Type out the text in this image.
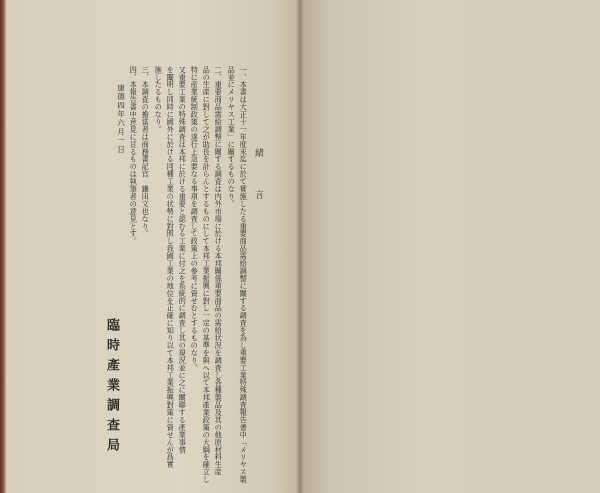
緒　言
一、本書は大正十一年度末迄に於て實施したる重要商品需給調整に關する調査を為し重要工業特殊調査報告書中「メリヤス製
品並にメリヤス工業」に關するものなり。
二、重要商品需給調整に關する調査は内外市場に於ける本邦關係重要商品の需給状況を調査し各種製品及其の他原材料生産
品の生産に對して之が助長を計らんとするものにして本邦工業振興に對し一定の基準を與へ以て本邦產業政策の大綱を確立し
特に産業統制政策の遂行上急要なる事項を調査して政策上の參考に資せむとするものなり。
又重要工業の特殊調査は本邦に於ける重要と認むる工業に付之を系統的に調査し其の現況並に之に關聯する產業事情
を闡明し同時に國外に於ける同種工業の状勢に對照し我國工業の地位を正確に知り以て本邦工業振興對策に資せんが爲實
施したるものなり。
三、本調査の擔當者は商務書記官　鎌田文也なり。
四、本報告書中意見に亘るものは執筆者の意見とす。
　　康德四年六月一日
臨時產業調查局
